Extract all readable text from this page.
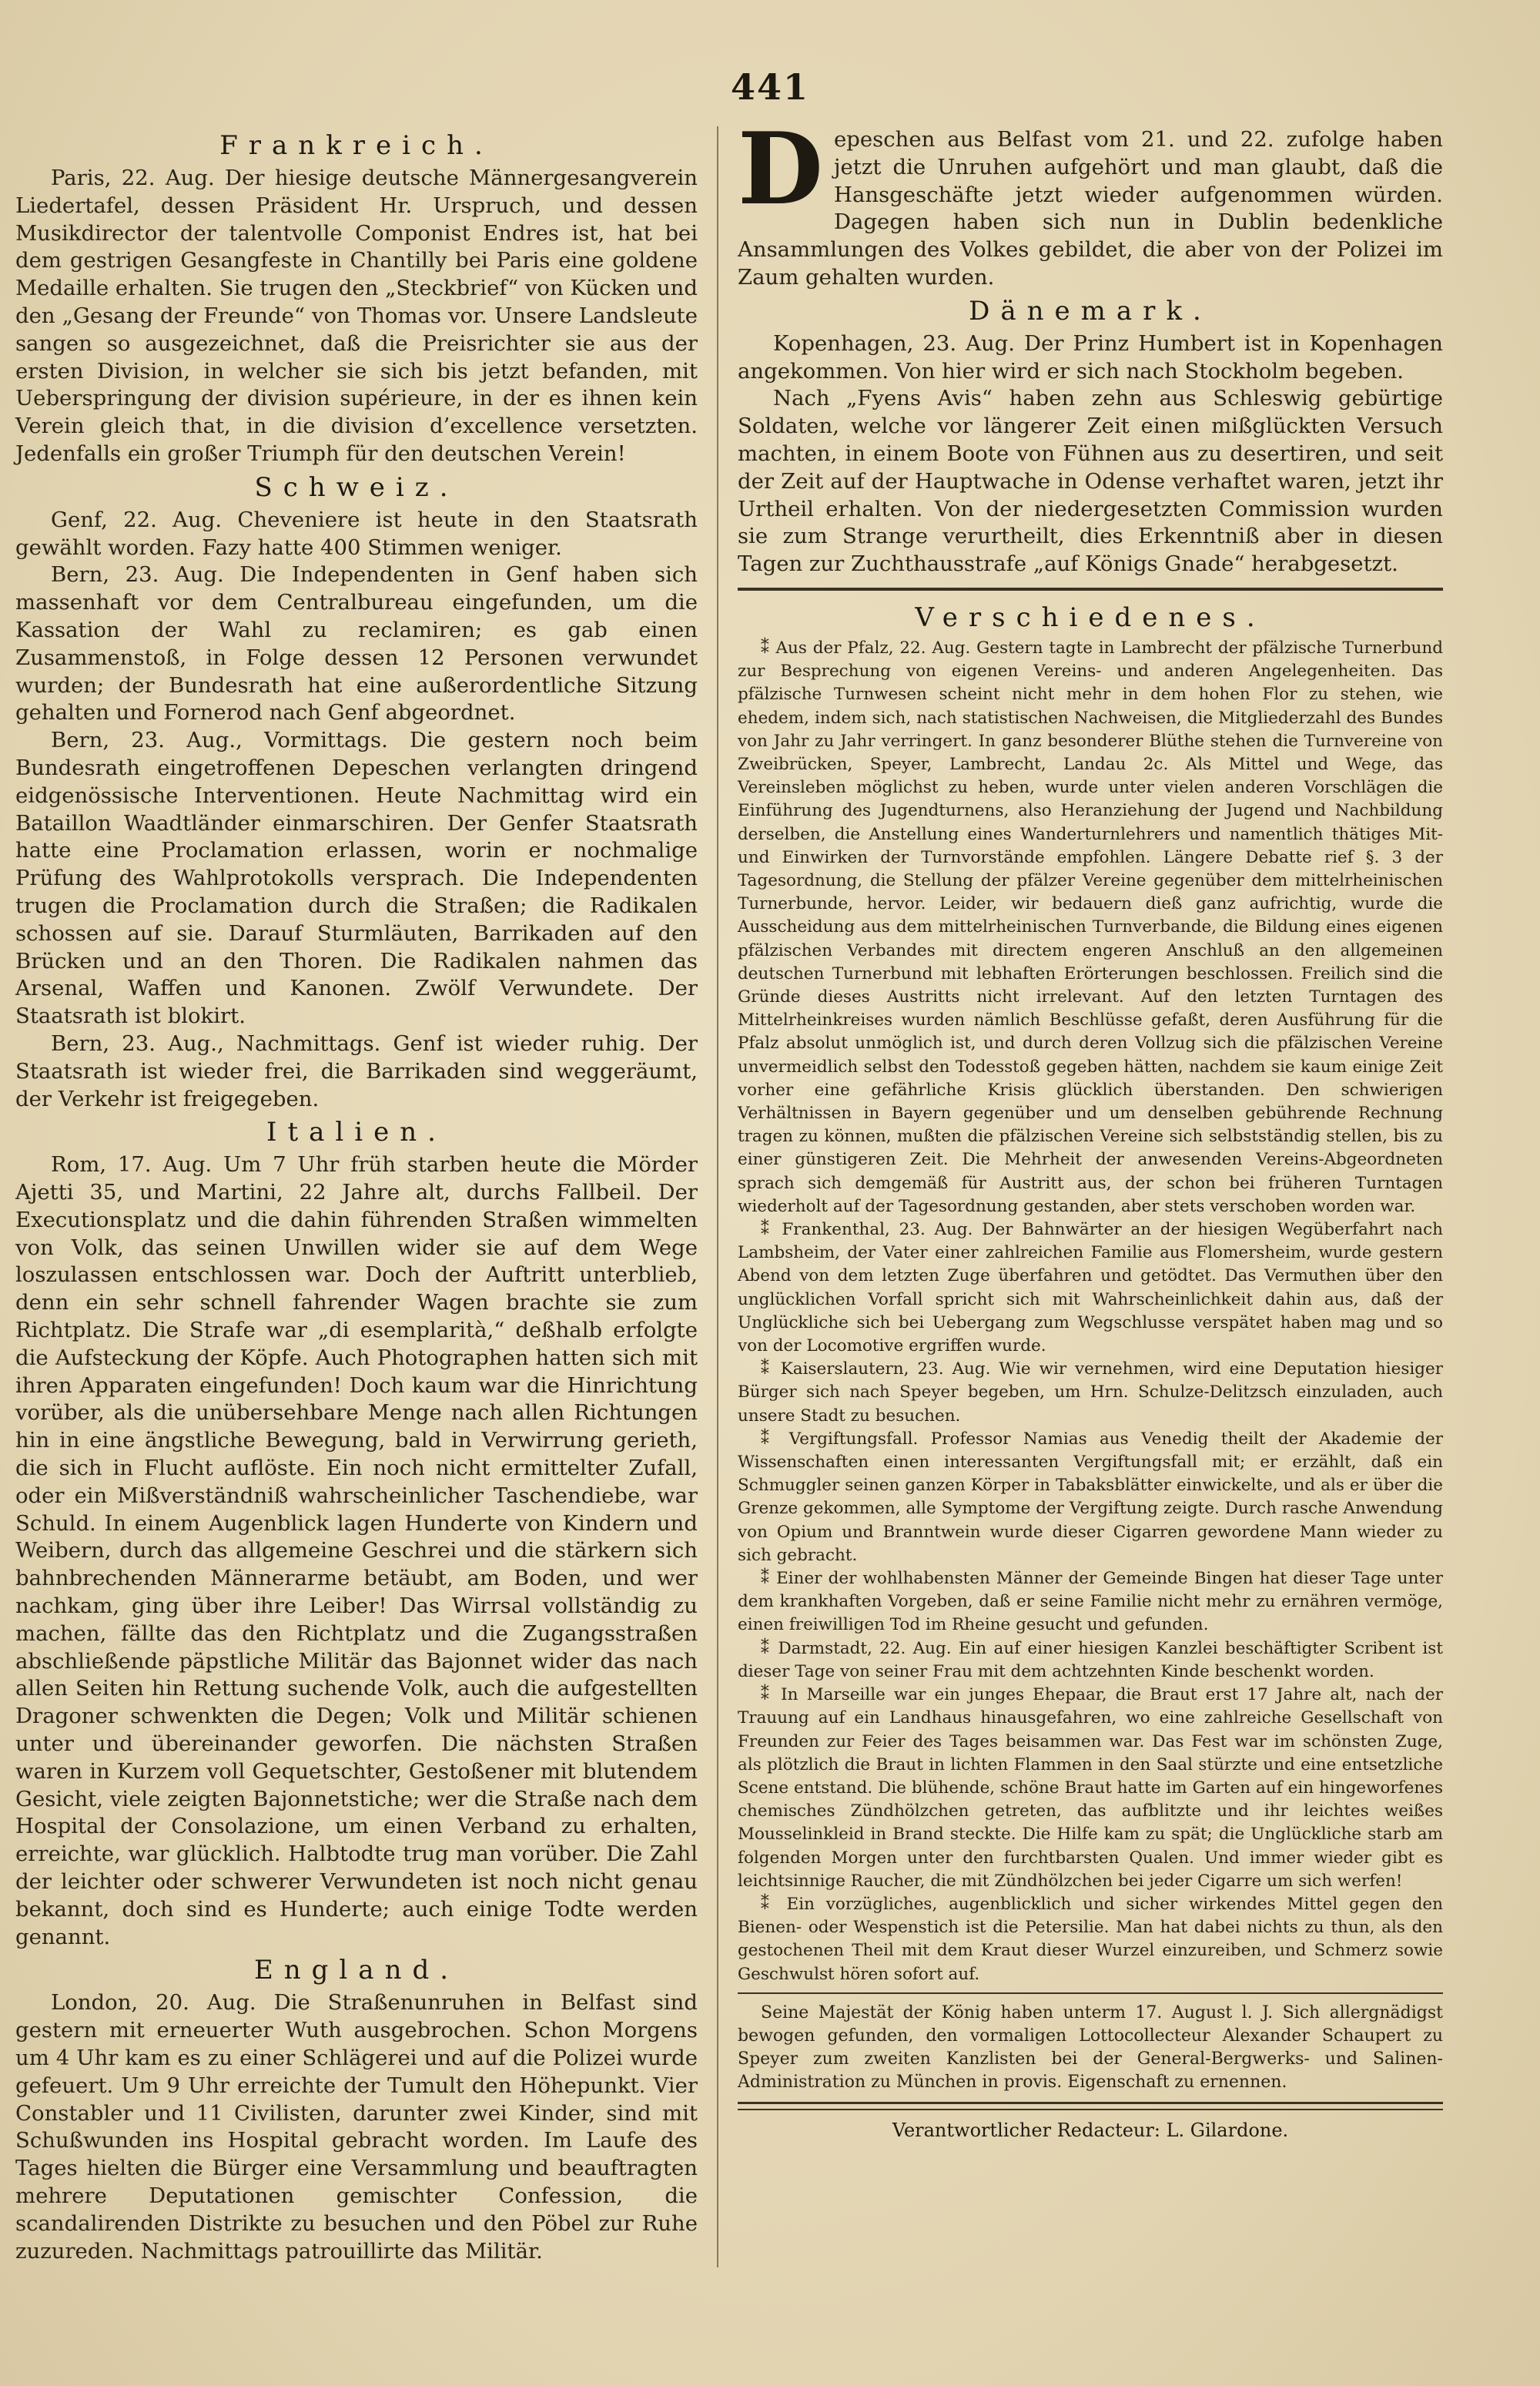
441
Frankreich.

Paris, 22. Aug. Der hiesige deutsche Männergesangverein Liedertafel, dessen Präsident Hr. Urspruch, und dessen Musikdirector der talentvolle Componist Endres ist, hat bei dem gestrigen Gesangfeste in Chantilly bei Paris eine goldene Medaille erhalten. Sie trugen den „Steckbrief“ von Kücken und den „Gesang der Freunde“ von Thomas vor. Unsere Landsleute sangen so ausgezeichnet, daß die Preisrichter sie aus der ersten Division, in welcher sie sich bis jetzt befanden, mit Ueberspringung der division supérieure, in der es ihnen kein Verein gleich that, in die division d’excellence versetzten. Jedenfalls ein großer Triumph für den deutschen Verein!

Schweiz.

Genf, 22. Aug. Cheveniere ist heute in den Staatsrath gewählt worden. Fazy hatte 400 Stimmen weniger.

Bern, 23. Aug. Die Independenten in Genf haben sich massenhaft vor dem Centralbureau eingefunden, um die Kassation der Wahl zu reclamiren; es gab einen Zusammenstoß, in Folge dessen 12 Personen verwundet wurden; der Bundesrath hat eine außerordentliche Sitzung gehalten und Fornerod nach Genf abgeordnet.

Bern, 23. Aug., Vormittags. Die gestern noch beim Bundesrath eingetroffenen Depeschen verlangten dringend eidgenössische Interventionen. Heute Nachmittag wird ein Bataillon Waadtländer einmarschiren. Der Genfer Staatsrath hatte eine Proclamation erlassen, worin er nochmalige Prüfung des Wahlprotokolls versprach. Die Independenten trugen die Proclamation durch die Straßen; die Radikalen schossen auf sie. Darauf Sturmläuten, Barrikaden auf den Brücken und an den Thoren. Die Radikalen nahmen das Arsenal, Waffen und Kanonen. Zwölf Verwundete. Der Staatsrath ist blokirt.

Bern, 23. Aug., Nachmittags. Genf ist wieder ruhig. Der Staatsrath ist wieder frei, die Barrikaden sind weggeräumt, der Verkehr ist freigegeben.

Italien.

Rom, 17. Aug. Um 7 Uhr früh starben heute die Mörder Ajetti 35, und Martini, 22 Jahre alt, durchs Fallbeil. Der Executionsplatz und die dahin führenden Straßen wimmelten von Volk, das seinen Unwillen wider sie auf dem Wege loszulassen entschlossen war. Doch der Auftritt unterblieb, denn ein sehr schnell fahrender Wagen brachte sie zum Richtplatz. Die Strafe war „di esemplarità,“ deßhalb erfolgte die Aufsteckung der Köpfe. Auch Photographen hatten sich mit ihren Apparaten eingefunden! Doch kaum war die Hinrichtung vorüber, als die unübersehbare Menge nach allen Richtungen hin in eine ängstliche Bewegung, bald in Verwirrung gerieth, die sich in Flucht auflöste. Ein noch nicht ermittelter Zufall, oder ein Mißverständniß wahrscheinlicher Taschendiebe, war Schuld. In einem Augenblick lagen Hunderte von Kindern und Weibern, durch das allgemeine Geschrei und die stärkern sich bahnbrechenden Männerarme betäubt, am Boden, und wer nachkam, ging über ihre Leiber! Das Wirrsal vollständig zu machen, fällte das den Richtplatz und die Zugangsstraßen abschließende päpstliche Militär das Bajonnet wider das nach allen Seiten hin Rettung suchende Volk, auch die aufgestellten Dragoner schwenkten die Degen; Volk und Militär schienen unter und übereinander geworfen. Die nächsten Straßen waren in Kurzem voll Gequetschter, Gestoßener mit blutendem Gesicht, viele zeigten Bajonnetstiche; wer die Straße nach dem Hospital der Consolazione, um einen Verband zu erhalten, erreichte, war glücklich. Halbtodte trug man vorüber. Die Zahl der leichter oder schwerer Verwundeten ist noch nicht genau bekannt, doch sind es Hunderte; auch einige Todte werden genannt.

England.

London, 20. Aug. Die Straßenunruhen in Belfast sind gestern mit erneuerter Wuth ausgebrochen. Schon Morgens um 4 Uhr kam es zu einer Schlägerei und auf die Polizei wurde gefeuert. Um 9 Uhr erreichte der Tumult den Höhepunkt. Vier Constabler und 11 Civilisten, darunter zwei Kinder, sind mit Schußwunden ins Hospital gebracht worden. Im Laufe des Tages hielten die Bürger eine Versammlung und beauftragten mehrere Deputationen gemischter Confession, die scandalirenden Distrikte zu besuchen und den Pöbel zur Ruhe zuzureden. Nachmittags patrouillirte das Militär.

Depeschen aus Belfast vom 21. und 22. zufolge haben jetzt die Unruhen aufgehört und man glaubt, daß die Hansgeschäfte jetzt wieder aufgenommen würden. Dagegen haben sich nun in Dublin bedenkliche Ansammlungen des Volkes gebildet, die aber von der Polizei im Zaum gehalten wurden.

Dänemark.

Kopenhagen, 23. Aug. Der Prinz Humbert ist in Kopenhagen angekommen. Von hier wird er sich nach Stockholm begeben.

Nach „Fyens Avis“ haben zehn aus Schleswig gebürtige Soldaten, welche vor längerer Zeit einen mißglückten Versuch machten, in einem Boote von Fühnen aus zu desertiren, und seit der Zeit auf der Hauptwache in Odense verhaftet waren, jetzt ihr Urtheil erhalten. Von der niedergesetzten Commission wurden sie zum Strange verurtheilt, dies Erkenntniß aber in diesen Tagen zur Zuchthausstrafe „auf Königs Gnade“ herabgesetzt.

Verschiedenes.

⁑ Aus der Pfalz, 22. Aug. Gestern tagte in Lambrecht der pfälzische Turnerbund zur Besprechung von eigenen Vereins- und anderen Angelegenheiten. Das pfälzische Turnwesen scheint nicht mehr in dem hohen Flor zu stehen, wie ehedem, indem sich, nach statistischen Nachweisen, die Mitgliederzahl des Bundes von Jahr zu Jahr verringert. In ganz besonderer Blüthe stehen die Turnvereine von Zweibrücken, Speyer, Lambrecht, Landau 2c. Als Mittel und Wege, das Vereinsleben möglichst zu heben, wurde unter vielen anderen Vorschlägen die Einführung des Jugendturnens, also Heranziehung der Jugend und Nachbildung derselben, die Anstellung eines Wanderturnlehrers und namentlich thätiges Mit- und Einwirken der Turnvorstände empfohlen. Längere Debatte rief §. 3 der Tagesordnung, die Stellung der pfälzer Vereine gegenüber dem mittelrheinischen Turnerbunde, hervor. Leider, wir bedauern dieß ganz aufrichtig, wurde die Ausscheidung aus dem mittelrheinischen Turnverbande, die Bildung eines eigenen pfälzischen Verbandes mit directem engeren Anschluß an den allgemeinen deutschen Turnerbund mit lebhaften Erörterungen beschlossen. Freilich sind die Gründe dieses Austritts nicht irrelevant. Auf den letzten Turntagen des Mittelrheinkreises wurden nämlich Beschlüsse gefaßt, deren Ausführung für die Pfalz absolut unmöglich ist, und durch deren Vollzug sich die pfälzischen Vereine unvermeidlich selbst den Todesstoß gegeben hätten, nachdem sie kaum einige Zeit vorher eine gefährliche Krisis glücklich überstanden. Den schwierigen Verhältnissen in Bayern gegenüber und um denselben gebührende Rechnung tragen zu können, mußten die pfälzischen Vereine sich selbstständig stellen, bis zu einer günstigeren Zeit. Die Mehrheit der anwesenden Vereins-Abgeordneten sprach sich demgemäß für Austritt aus, der schon bei früheren Turntagen wiederholt auf der Tagesordnung gestanden, aber stets verschoben worden war.

⁑ Frankenthal, 23. Aug. Der Bahnwärter an der hiesigen Wegüberfahrt nach Lambsheim, der Vater einer zahlreichen Familie aus Flomersheim, wurde gestern Abend von dem letzten Zuge überfahren und getödtet. Das Vermuthen über den unglücklichen Vorfall spricht sich mit Wahrscheinlichkeit dahin aus, daß der Unglückliche sich bei Uebergang zum Wegschlusse verspätet haben mag und so von der Locomotive ergriffen wurde.

⁑ Kaiserslautern, 23. Aug. Wie wir vernehmen, wird eine Deputation hiesiger Bürger sich nach Speyer begeben, um Hrn. Schulze-Delitzsch einzuladen, auch unsere Stadt zu besuchen.

⁑ Vergiftungsfall. Professor Namias aus Venedig theilt der Akademie der Wissenschaften einen interessanten Vergiftungsfall mit; er erzählt, daß ein Schmuggler seinen ganzen Körper in Tabaksblätter einwickelte, und als er über die Grenze gekommen, alle Symptome der Vergiftung zeigte. Durch rasche Anwendung von Opium und Branntwein wurde dieser Cigarren gewordene Mann wieder zu sich gebracht.

⁑ Einer der wohlhabensten Männer der Gemeinde Bingen hat dieser Tage unter dem krankhaften Vorgeben, daß er seine Familie nicht mehr zu ernähren vermöge, einen freiwilligen Tod im Rheine gesucht und gefunden.

⁑ Darmstadt, 22. Aug. Ein auf einer hiesigen Kanzlei beschäftigter Scribent ist dieser Tage von seiner Frau mit dem achtzehnten Kinde beschenkt worden.

⁑ In Marseille war ein junges Ehepaar, die Braut erst 17 Jahre alt, nach der Trauung auf ein Landhaus hinausgefahren, wo eine zahlreiche Gesellschaft von Freunden zur Feier des Tages beisammen war. Das Fest war im schönsten Zuge, als plötzlich die Braut in lichten Flammen in den Saal stürzte und eine entsetzliche Scene entstand. Die blühende, schöne Braut hatte im Garten auf ein hingeworfenes chemisches Zündhölzchen getreten, das aufblitzte und ihr leichtes weißes Mousselinkleid in Brand steckte. Die Hilfe kam zu spät; die Unglückliche starb am folgenden Morgen unter den furchtbarsten Qualen. Und immer wieder gibt es leichtsinnige Raucher, die mit Zündhölzchen bei jeder Cigarre um sich werfen!

⁑ Ein vorzügliches, augenblicklich und sicher wirkendes Mittel gegen den Bienen- oder Wespenstich ist die Petersilie. Man hat dabei nichts zu thun, als den gestochenen Theil mit dem Kraut dieser Wurzel einzureiben, und Schmerz sowie Geschwulst hören sofort auf.

Seine Majestät der König haben unterm 17. August l. J. Sich allergnädigst bewogen gefunden, den vormaligen Lottocollecteur Alexander Schaupert zu Speyer zum zweiten Kanzlisten bei der General-Bergwerks- und Salinen-Administration zu München in provis. Eigenschaft zu ernennen.

Verantwortlicher Redacteur: L. Gilardone.
